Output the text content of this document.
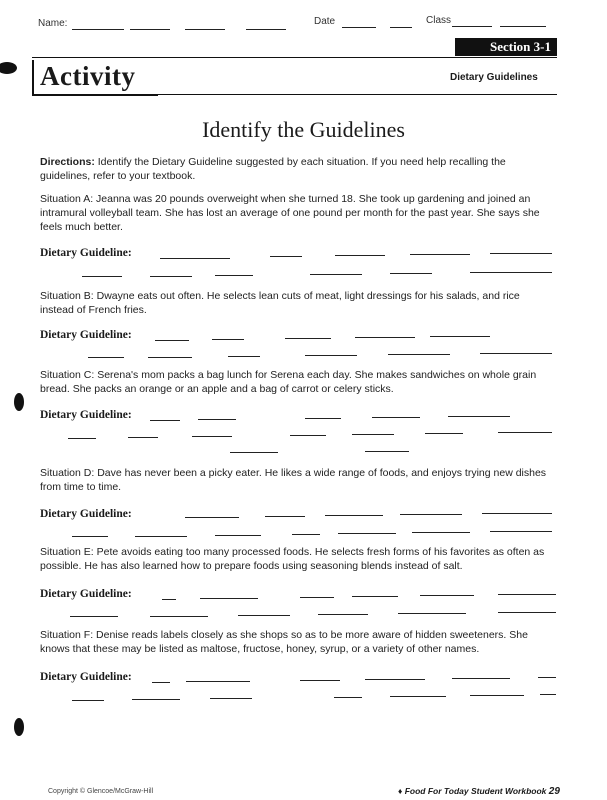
Name:	Date	Class
Section 3-1
Activity	Dietary Guidelines
Identify the Guidelines
Directions: Identify the Dietary Guideline suggested by each situation. If you need help recalling the guidelines, refer to your textbook.
Situation A: Jeanna was 20 pounds overweight when she turned 18. She took up gardening and joined an intramural volleyball team. She has lost an average of one pound per month for the past year. She says she feels much better.
Dietary Guideline:
Situation B: Dwayne eats out often. He selects lean cuts of meat, light dressings for his salads, and rice instead of French fries.
Dietary Guideline:
Situation C: Serena's mom packs a bag lunch for Serena each day. She makes sandwiches on whole grain bread. She packs an orange or an apple and a bag of carrot or celery sticks.
Dietary Guideline:
Situation D: Dave has never been a picky eater. He likes a wide range of foods, and enjoys trying new dishes from time to time.
Dietary Guideline:
Situation E: Pete avoids eating too many processed foods. He selects fresh forms of his favorites as often as possible. He has also learned how to prepare foods using seasoning blends instead of salt.
Dietary Guideline:
Situation F: Denise reads labels closely as she shops so as to be more aware of hidden sweeteners. She knows that these may be listed as maltose, fructose, honey, syrup, or a variety of other names.
Dietary Guideline:
Copyright © Glencoe/McGraw-Hill	♦ Food For Today Student Workbook 29
